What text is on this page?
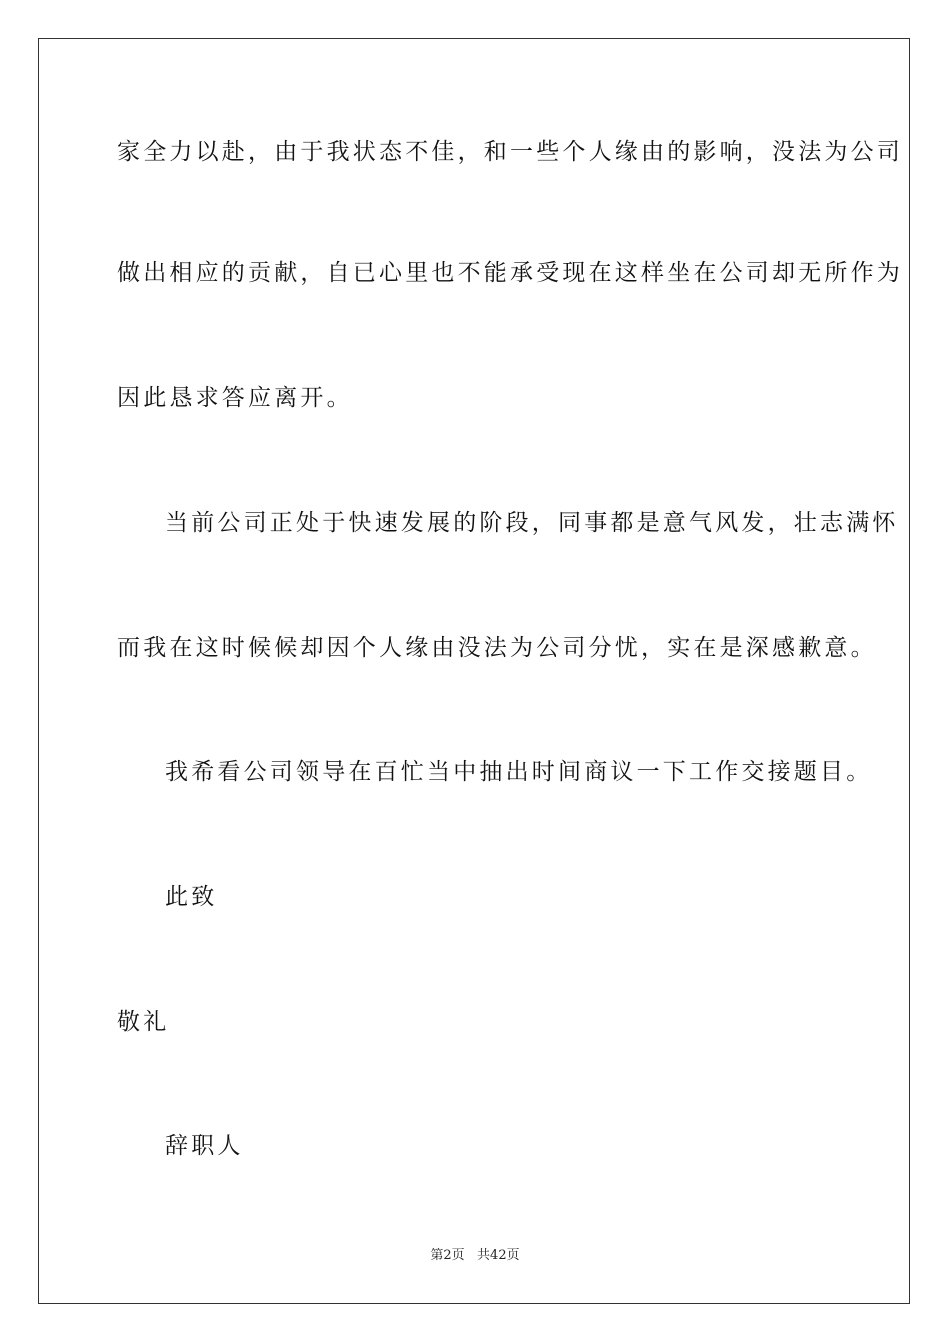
家全力以赴，由于我状态不佳，和一些个人缘由的影响，没法为公司
做出相应的贡献，自已心里也不能承受现在这样坐在公司却无所作为
因此恳求答应离开。
当前公司正处于快速发展的阶段，同事都是意气风发，壮志满怀
而我在这时候候却因个人缘由没法为公司分忧，实在是深感歉意。
我希看公司领导在百忙当中抽出时间商议一下工作交接题目。
此致
敬礼
辞职人
第2页   共42页
